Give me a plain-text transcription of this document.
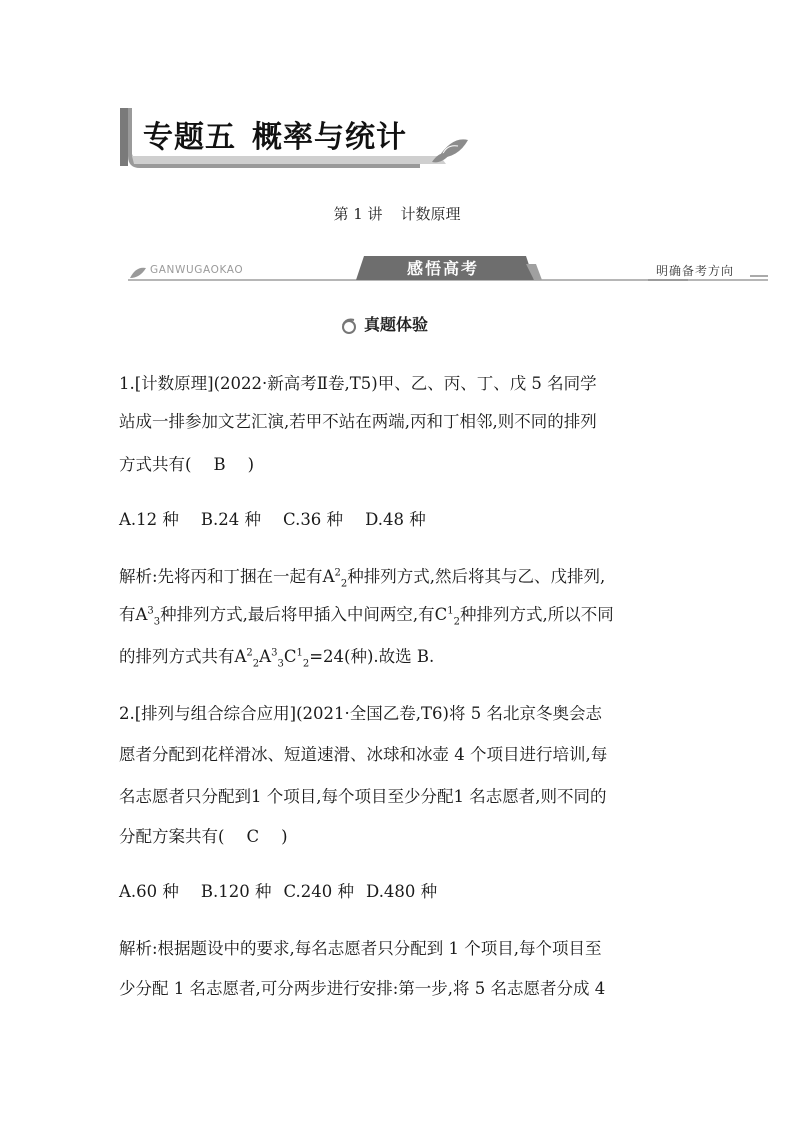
专题五 概率与统计
第 1 讲 计数原理
GANWUGAOKAO	感悟高考	明确备考方向
真题体验
1.[计数原理](2022·新高考Ⅱ卷,T5)甲、乙、丙、丁、戊 5 名同学
站成一排参加文艺汇演,若甲不站在两端,丙和丁相邻,则不同的排列
方式共有( B )
A.12 种 B.24 种 C.36 种 D.48 种
解析:先将丙和丁捆在一起有$A^2_2$种排列方式,然后将其与乙、戊排列,
有$A^3_3$种排列方式,最后将甲插入中间两空,有$C^1_2$种排列方式,所以不同
的排列方式共有$A^2_2A^3_3C^1_2=24$(种).故选 B.
2.[排列与组合综合应用](2021·全国乙卷,T6)将 5 名北京冬奥会志
愿者分配到花样滑冰、短道速滑、冰球和冰壶 4 个项目进行培训,每
名志愿者只分配到1 个项目,每个项目至少分配1 名志愿者,则不同的
分配方案共有( C )
A.60 种 B.120 种 C.240 种 D.480 种
解析:根据题设中的要求,每名志愿者只分配到 1 个项目,每个项目至
少分配 1 名志愿者,可分两步进行安排:第一步,将 5 名志愿者分成 4
